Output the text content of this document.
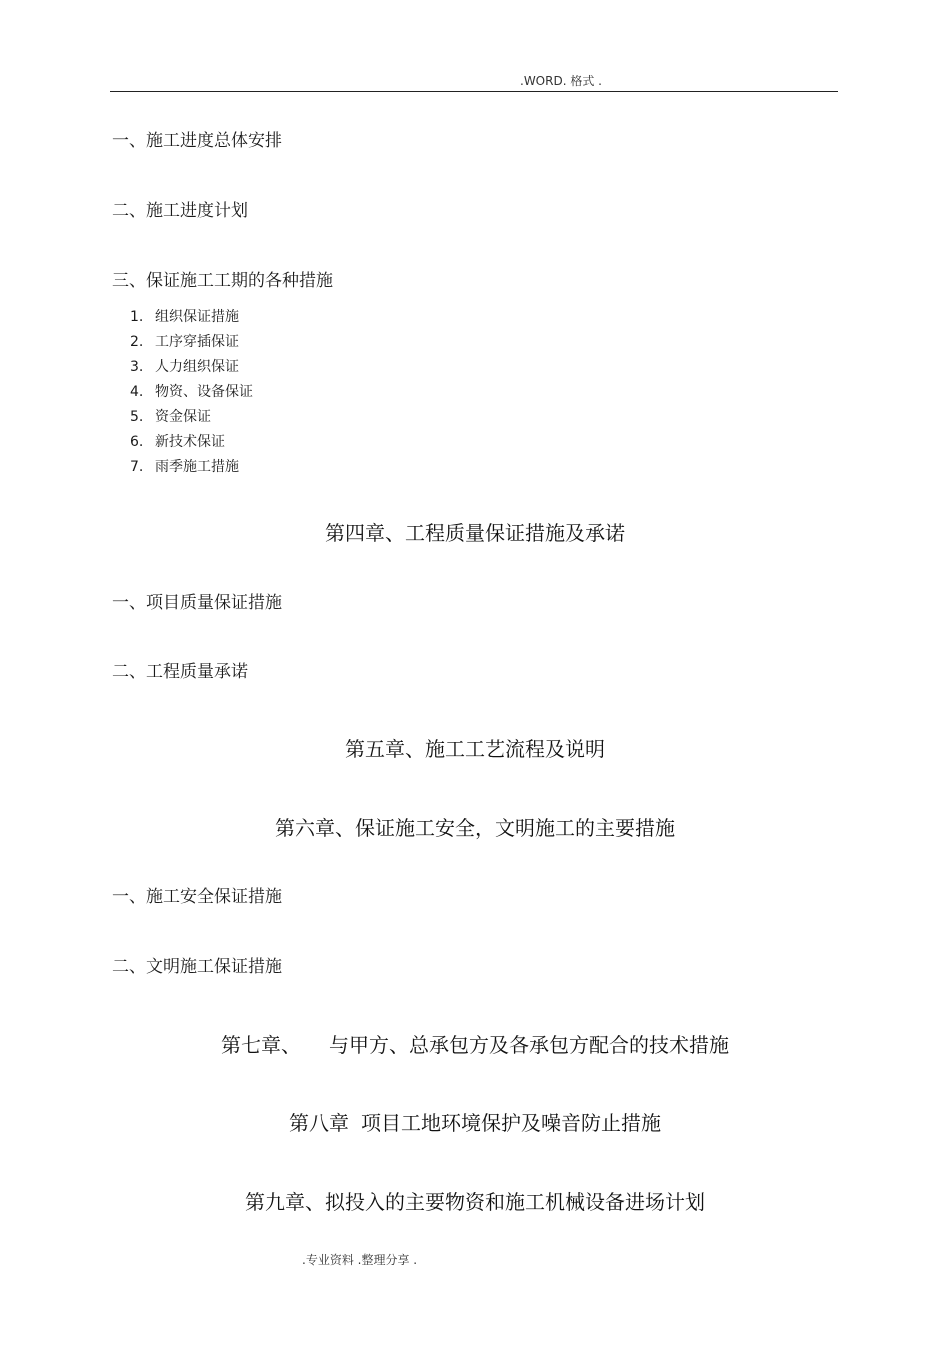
.WORD. 格式 .
一、施工进度总体安排
二、施工进度计划
三、保证施工工期的各种措施
1. 组织保证措施
2. 工序穿插保证
3. 人力组织保证
4. 物资、设备保证
5. 资金保证
6. 新技术保证
7. 雨季施工措施
第四章、工程质量保证措施及承诺
一、项目质量保证措施
二、工程质量承诺
第五章、施工工艺流程及说明
第六章、保证施工安全，文明施工的主要措施
一、施工安全保证措施
二、文明施工保证措施
第七章、 与甲方、总承包方及各承包方配合的技术措施
第八章 项目工地环境保护及噪音防止措施
第九章、拟投入的主要物资和施工机械设备进场计划
.专业资料 .整理分享 .
